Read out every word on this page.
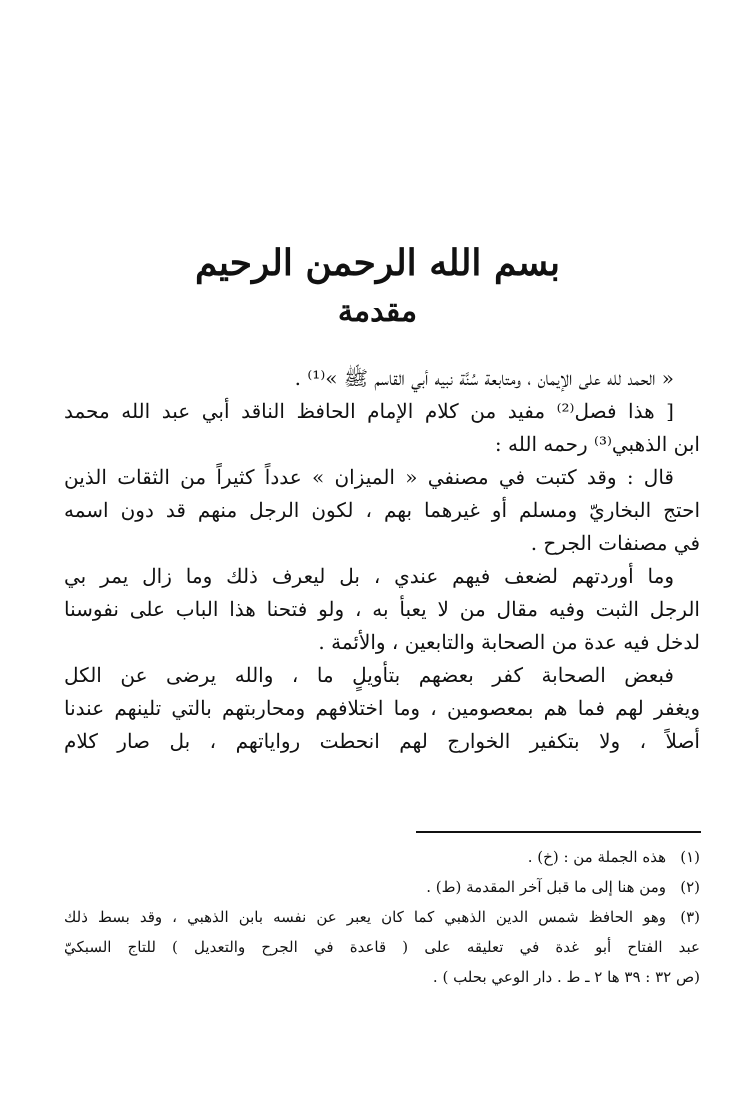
بسم الله الرحمن الرحيم
مقدمة

« الحمد لله على الإيمان ، ومتابعة سُنَّة نبيه أبي القاسم ﷺ »⁽¹⁾ .

[ هذا فصل⁽²⁾ مفيد من كلام الإمام الحافظ الناقد أبي عبد الله محمد

ابن الذهبي⁽³⁾ رحمه الله :

قال : وقد كتبت في مصنفي « الميزان » عدداً كثيراً من الثقات الذين

احتج البخاريّ ومسلم أو غيرهما بهم ، لكون الرجل منهم قد دون اسمه

في مصنفات الجرح .

وما أوردتهم لضعف فيهم عندي ، بل ليعرف ذلك وما زال يمر بي

الرجل الثبت وفيه مقال من لا يعبأ به ، ولو فتحنا هذا الباب على نفوسنا

لدخل فيه عدة من الصحابة والتابعين ، والأئمة .

فبعض الصحابة كفر بعضهم بتأويلٍ ما ، والله يرضى عن الكل

ويغفر لهم فما هم بمعصومين ، وما اختلافهم ومحاربتهم بالتي تلينهم عندنا

أصلاً ، ولا بتكفير الخوارج لهم انحطت رواياتهم ، بل صار كلام

(١)هذه الجملة من : (خ) .

(٢)ومن هنا إلى ما قبل آخر المقدمة (ط) .

(٣)وهو الحافظ شمس الدين الذهبي كما كان يعبر عن نفسه بابن الذهبي ، وقد بسط ذلك

عبد الفتاح أبو غدة في تعليقه على ( قاعدة في الجرح والتعديل ) للتاج السبكيّ

(ص ٣٢ : ٣٩ ها ٢ ـ ط . دار الوعي بحلب ) .
